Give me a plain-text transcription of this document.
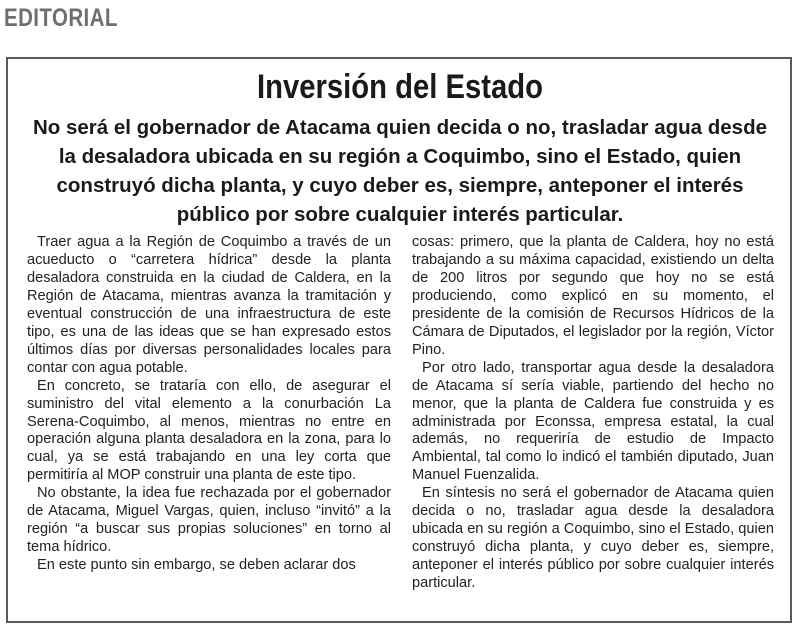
EDITORIAL
Inversión del Estado
No será el gobernador de Atacama quien decida o no, trasladar agua desde la desaladora ubicada en su región a Coquimbo, sino el Estado, quien construyó dicha planta, y cuyo deber es, siempre, anteponer el interés público por sobre cualquier interés particular.

Traer agua a la Región de Coquimbo a través de un acueducto o “carretera hídrica” desde la planta desaladora construida en la ciudad de Caldera, en la Región de Atacama, mientras avanza la tramitación y eventual construcción de una infraestructura de este tipo, es una de las ideas que se han expresado estos últimos días por diversas personalidades locales para contar con agua potable.

En concreto, se trataría con ello, de asegurar el suministro del vital elemento a la conurbación La Serena-Coquimbo, al menos, mientras no entre en operación alguna planta desaladora en la zona, para lo cual, ya se está trabajando en una ley corta que permitiría al MOP construir una planta de este tipo.

No obstante, la idea fue rechazada por el gobernador de Atacama, Miguel Vargas, quien, incluso “invitó” a la región “a buscar sus propias soluciones” en torno al tema hídrico.

En este punto sin embargo, se deben aclarar dos

cosas: primero, que la planta de Caldera, hoy no está trabajando a su máxima capacidad, existiendo un delta de 200 litros por segundo que hoy no se está produciendo, como explicó en su momento, el presidente de la comisión de Recursos Hídricos de la Cámara de Diputados, el legislador por la región, Víctor Pino.

Por otro lado, transportar agua desde la desaladora de Atacama sí sería viable, partiendo del hecho no menor, que la planta de Caldera fue construida y es administrada por Econssa, empresa estatal, la cual además, no requeriría de estudio de Impacto Ambiental, tal como lo indicó el también diputado, Juan Manuel Fuenzalida.

En síntesis no será el gobernador de Atacama quien decida o no, trasladar agua desde la desaladora ubicada en su región a Coquimbo, sino el Estado, quien construyó dicha planta, y cuyo deber es, siempre, anteponer el interés público por sobre cualquier interés particular.
